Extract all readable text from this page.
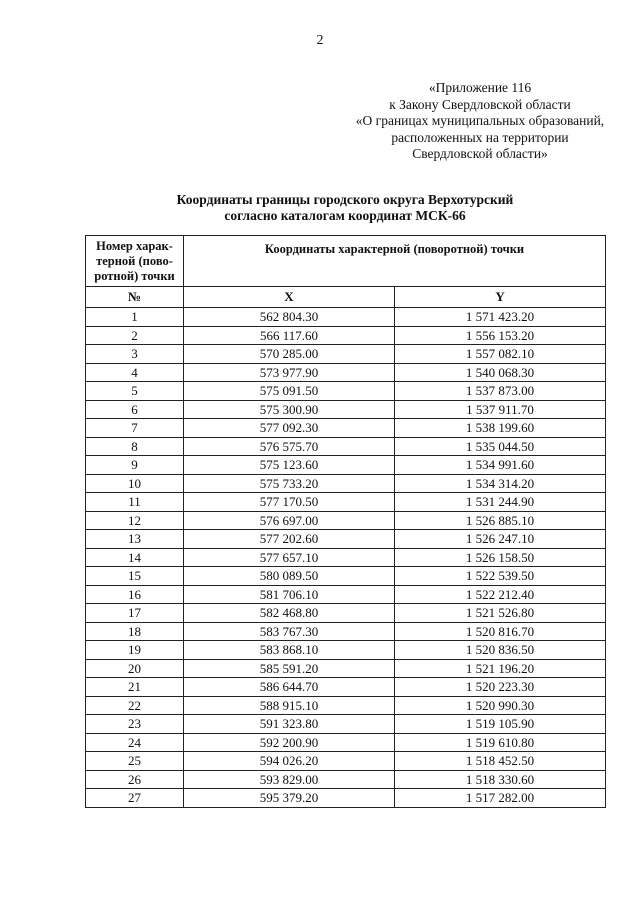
2
«Приложение 116
к Закону Свердловской области
«О границах муниципальных образований,
расположенных на территории
Свердловской области»
Координаты границы городского округа Верхотурский
согласно каталогам координат МСК-66
Номер харак-
терной (пово-
ротной) точки	Координаты характерной (поворотной) точки	
№	X	Y
1	562 804.30	1 571 423.20
2	566 117.60	1 556 153.20
3	570 285.00	1 557 082.10
4	573 977.90	1 540 068.30
5	575 091.50	1 537 873.00
6	575 300.90	1 537 911.70
7	577 092.30	1 538 199.60
8	576 575.70	1 535 044.50
9	575 123.60	1 534 991.60
10	575 733.20	1 534 314.20
11	577 170.50	1 531 244.90
12	576 697.00	1 526 885.10
13	577 202.60	1 526 247.10
14	577 657.10	1 526 158.50
15	580 089.50	1 522 539.50
16	581 706.10	1 522 212.40
17	582 468.80	1 521 526.80
18	583 767.30	1 520 816.70
19	583 868.10	1 520 836.50
20	585 591.20	1 521 196.20
21	586 644.70	1 520 223.30
22	588 915.10	1 520 990.30
23	591 323.80	1 519 105.90
24	592 200.90	1 519 610.80
25	594 026.20	1 518 452.50
26	593 829.00	1 518 330.60
27	595 379.20	1 517 282.00
